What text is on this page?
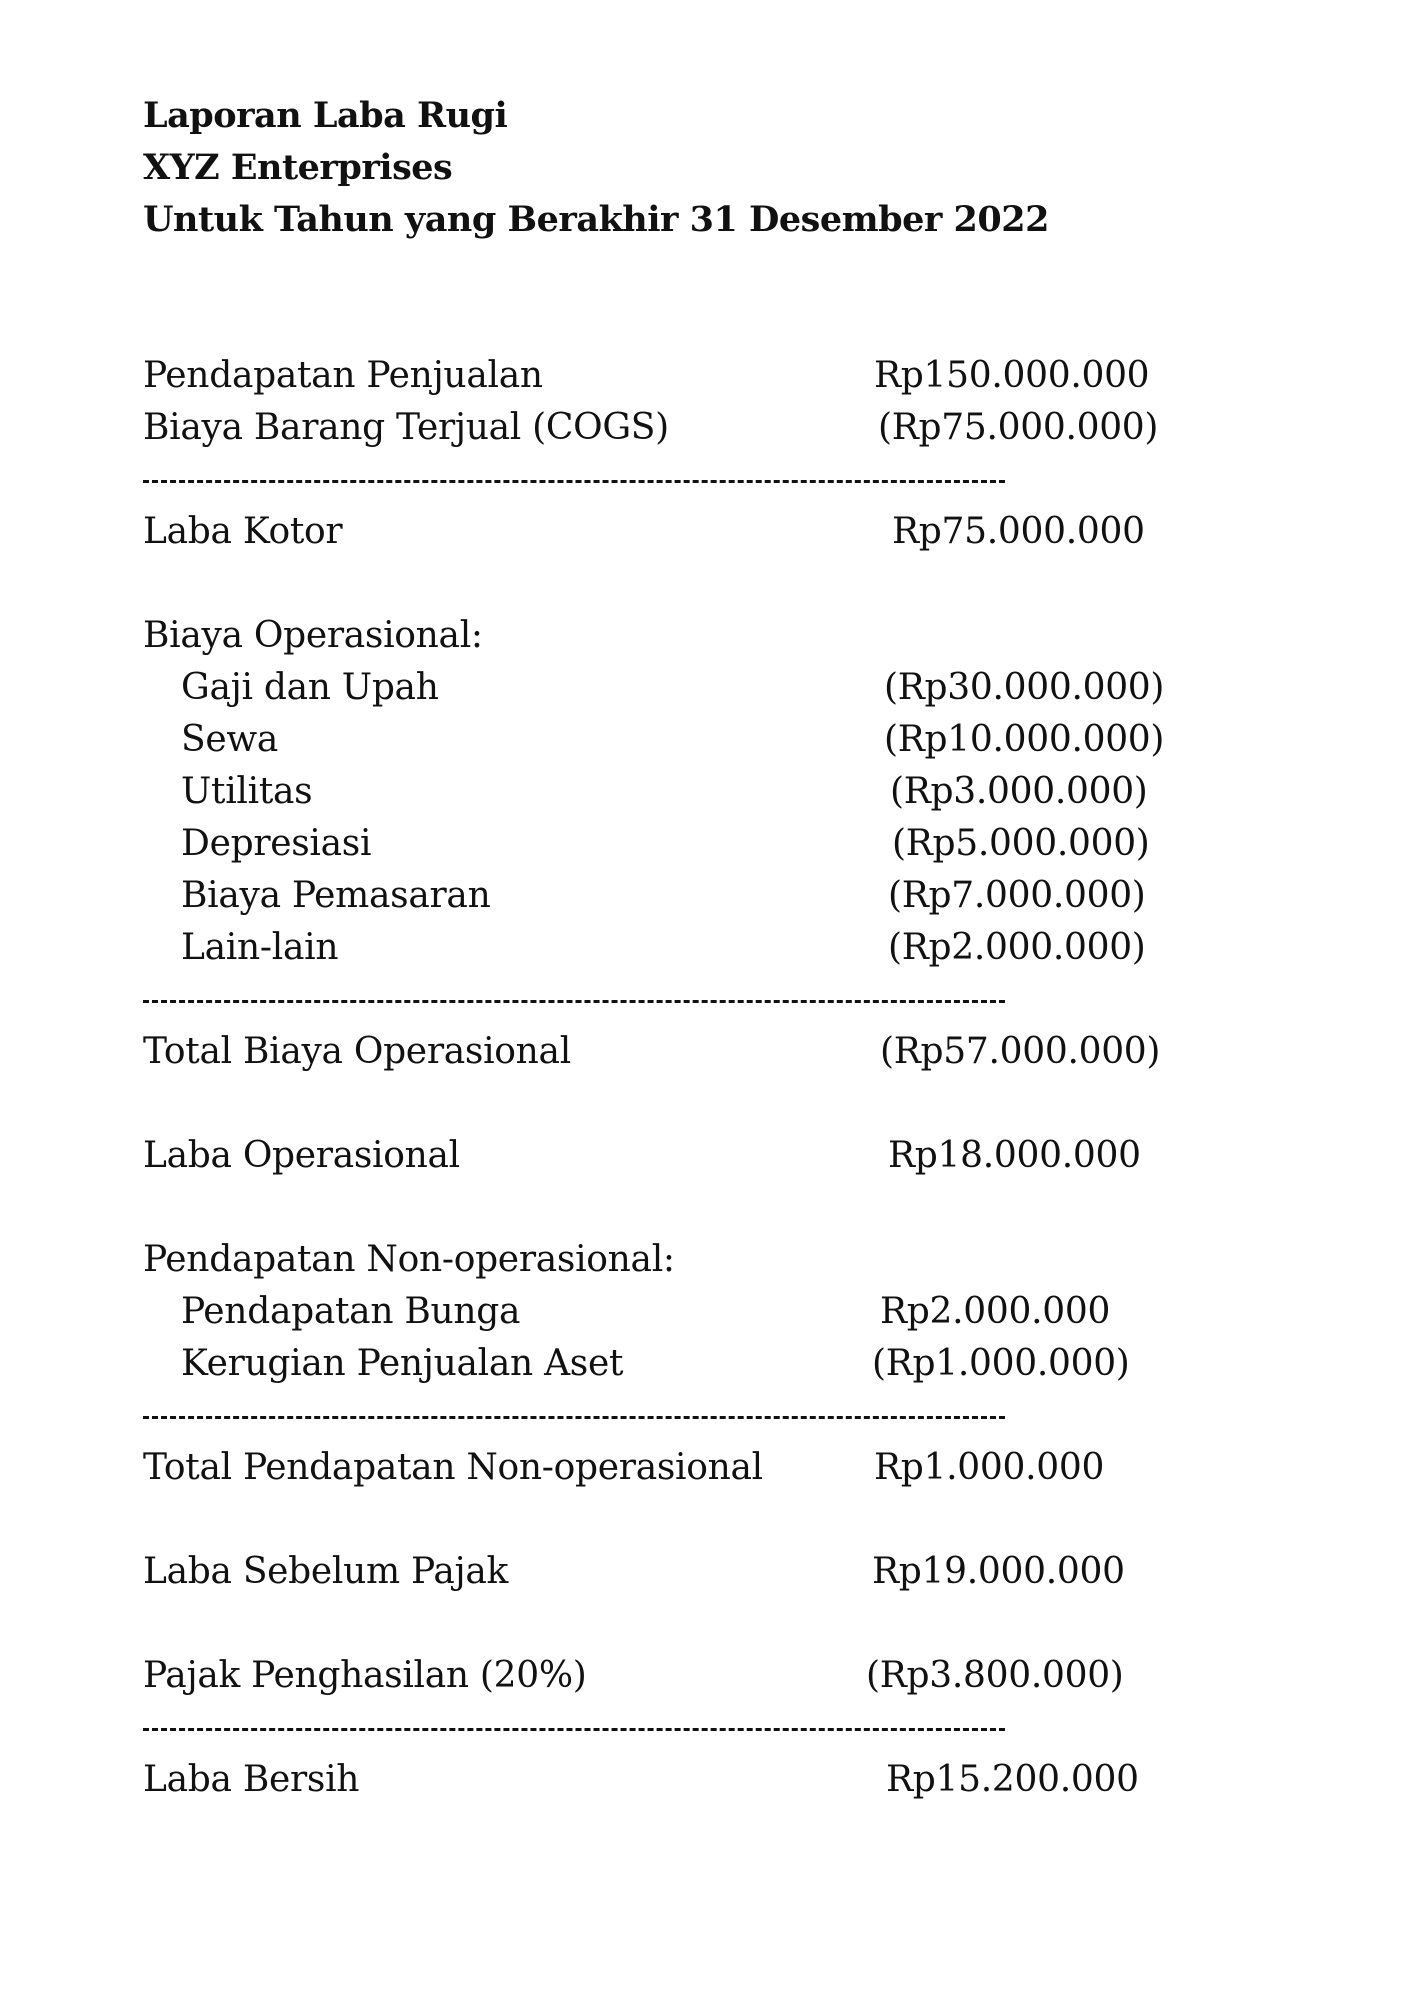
Laporan Laba Rugi
XYZ Enterprises
Untuk Tahun yang Berakhir 31 Desember 2022
Pendapatan Penjualan	Rp150.000.000
Biaya Barang Terjual (COGS)	(Rp75.000.000)
Laba Kotor	Rp75.000.000
Biaya Operasional:
Gaji dan Upah	(Rp30.000.000)
Sewa	(Rp10.000.000)
Utilitas	(Rp3.000.000)
Depresiasi	(Rp5.000.000)
Biaya Pemasaran	(Rp7.000.000)
Lain-lain	(Rp2.000.000)
Total Biaya Operasional	(Rp57.000.000)
Laba Operasional	Rp18.000.000
Pendapatan Non-operasional:
Pendapatan Bunga	Rp2.000.000
Kerugian Penjualan Aset	(Rp1.000.000)
Total Pendapatan Non-operasional	Rp1.000.000
Laba Sebelum Pajak	Rp19.000.000
Pajak Penghasilan (20%)	(Rp3.800.000)
Laba Bersih	Rp15.200.000
